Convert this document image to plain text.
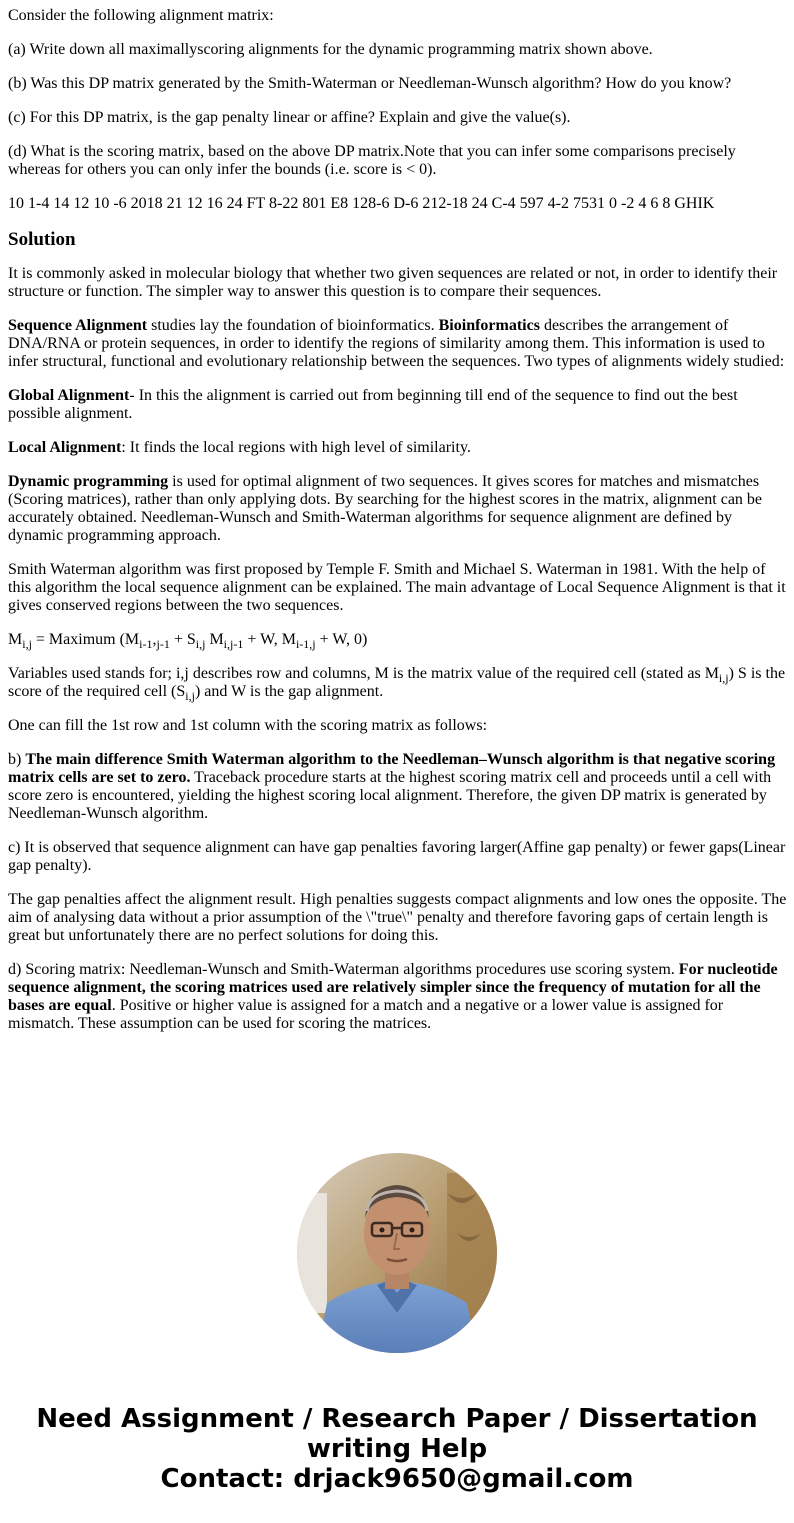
Consider the following alignment matrix:

(a) Write down all maximallyscoring alignments for the dynamic programming matrix shown above.

(b) Was this DP matrix generated by the Smith-Waterman or Needleman-Wunsch algorithm? How do you know?

(c) For this DP matrix, is the gap penalty linear or affine? Explain and give the value(s).

(d) What is the scoring matrix, based on the above DP matrix.Note that you can infer some comparisons precisely whereas for others you can only infer the bounds (i.e. score is < 0).

10 1-4 14 12 10 -6 2018 21 12 16 24 FT 8-22 801 E8 128-6 D-6 212-18 24 C-4 597 4-2 7531 0 -2 4 6 8 GHIK

Solution

It is commonly asked in molecular biology that whether two given sequences are related or not, in order to identify their structure or function. The simpler way to answer this question is to compare their sequences.

Sequence Alignment studies lay the foundation of bioinformatics. Bioinformatics describes the arrangement of DNA/RNA or protein sequences, in order to identify the regions of similarity among them. This information is used to infer structural, functional and evolutionary relationship between the sequences. Two types of alignments widely studied:

Global Alignment- In this the alignment is carried out from beginning till end of the sequence to find out the best possible alignment.

Local Alignment: It finds the local regions with high level of similarity.

Dynamic programming is used for optimal alignment of two sequences. It gives scores for matches and mismatches (Scoring matrices), rather than only applying dots. By searching for the highest scores in the matrix, alignment can be accurately obtained. Needleman-Wunsch and Smith-Waterman algorithms for sequence alignment are defined by dynamic programming approach.

Smith Waterman algorithm was first proposed by Temple F. Smith and Michael S. Waterman in 1981. With the help of this algorithm the local sequence alignment can be explained. The main advantage of Local Sequence Alignment is that it gives conserved regions between the two sequences.

$M_{i,j}$ = Maximum ($M_{i-1},_{j-1} + S_{i,j}$ $M_{i,j-1} + W$, $M_{i-1,j} + W$, 0)

Variables used stands for; i,j describes row and columns, M is the matrix value of the required cell (stated as $M_{i,j}$) S is the score of the required cell $(S_{i,j})$ and W is the gap alignment.

One can fill the 1st row and 1st column with the scoring matrix as follows:

b) The main difference Smith Waterman algorithm to the Needleman–Wunsch algorithm is that negative scoring matrix cells are set to zero. Traceback procedure starts at the highest scoring matrix cell and proceeds until a cell with score zero is encountered, yielding the highest scoring local alignment. Therefore, the given DP matrix is generated by Needleman-Wunsch algorithm.

c) It is observed that sequence alignment can have gap penalties favoring larger(Affine gap penalty) or fewer gaps(Linear gap penalty).

The gap penalties affect the alignment result. High penalties suggests compact alignments and low ones the opposite. The aim of analysing data without a prior assumption of the \"true\" penalty and therefore favoring gaps of certain length is great but unfortunately there are no perfect solutions for doing this.

d) Scoring matrix: Needleman-Wunsch and Smith-Waterman algorithms procedures use scoring system. For nucleotide sequence alignment, the scoring matrices used are relatively simpler since the frequency of mutation for all the bases are equal. Positive or higher value is assigned for a match and a negative or a lower value is assigned for mismatch. These assumption can be used for scoring the matrices.

Need Assignment / Research Paper / Dissertation writing Help
Contact: drjack9650@gmail.com
